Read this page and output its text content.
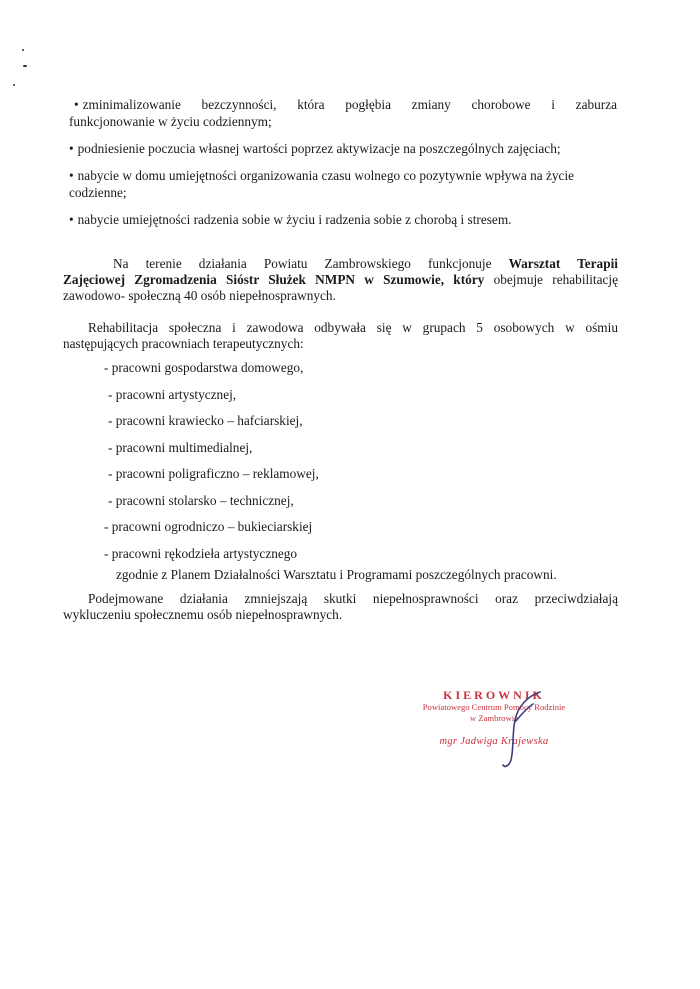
• zminimalizowanie bezczynności, która pogłębia zmiany chorobowe i zaburza
funkcjonowanie w życiu codziennym;
• podniesienie poczucia własnej wartości poprzez aktywizacje na poszczególnych zajęciach;
• nabycie w domu umiejętności organizowania czasu wolnego co pozytywnie wpływa na życie
codzienne;
• nabycie umiejętności radzenia sobie w życiu i radzenia sobie z chorobą i stresem.
Na terenie działania Powiatu Zambrowskiego funkcjonuje Warsztat Terapii
Zajęciowej Zgromadzenia Sióstr Służek NMPN w Szumowie, który obejmuje rehabilitację
zawodowo- społeczną 40 osób niepełnosprawnych.
Rehabilitacja społeczna i zawodowa odbywała się w grupach 5 osobowych w ośmiu
następujących pracowniach terapeutycznych:
- pracowni gospodarstwa domowego,
- pracowni artystycznej,
- pracowni krawiecko – hafciarskiej,
- pracowni multimedialnej,
- pracowni poligraficzno – reklamowej,
- pracowni stolarsko – technicznej,
- pracowni ogrodniczo – bukieciarskiej
- pracowni rękodzieła artystycznego
zgodnie z Planem Działalności Warsztatu i Programami poszczególnych pracowni.
Podejmowane działania zmniejszają skutki niepełnosprawności oraz przeciwdziałają
wykluczeniu społecznemu osób niepełnosprawnych.
KIEROWNIK
Powiatowego Centrum Pomocy Rodzinie
w Zambrowie
mgr Jadwiga Krajewska
